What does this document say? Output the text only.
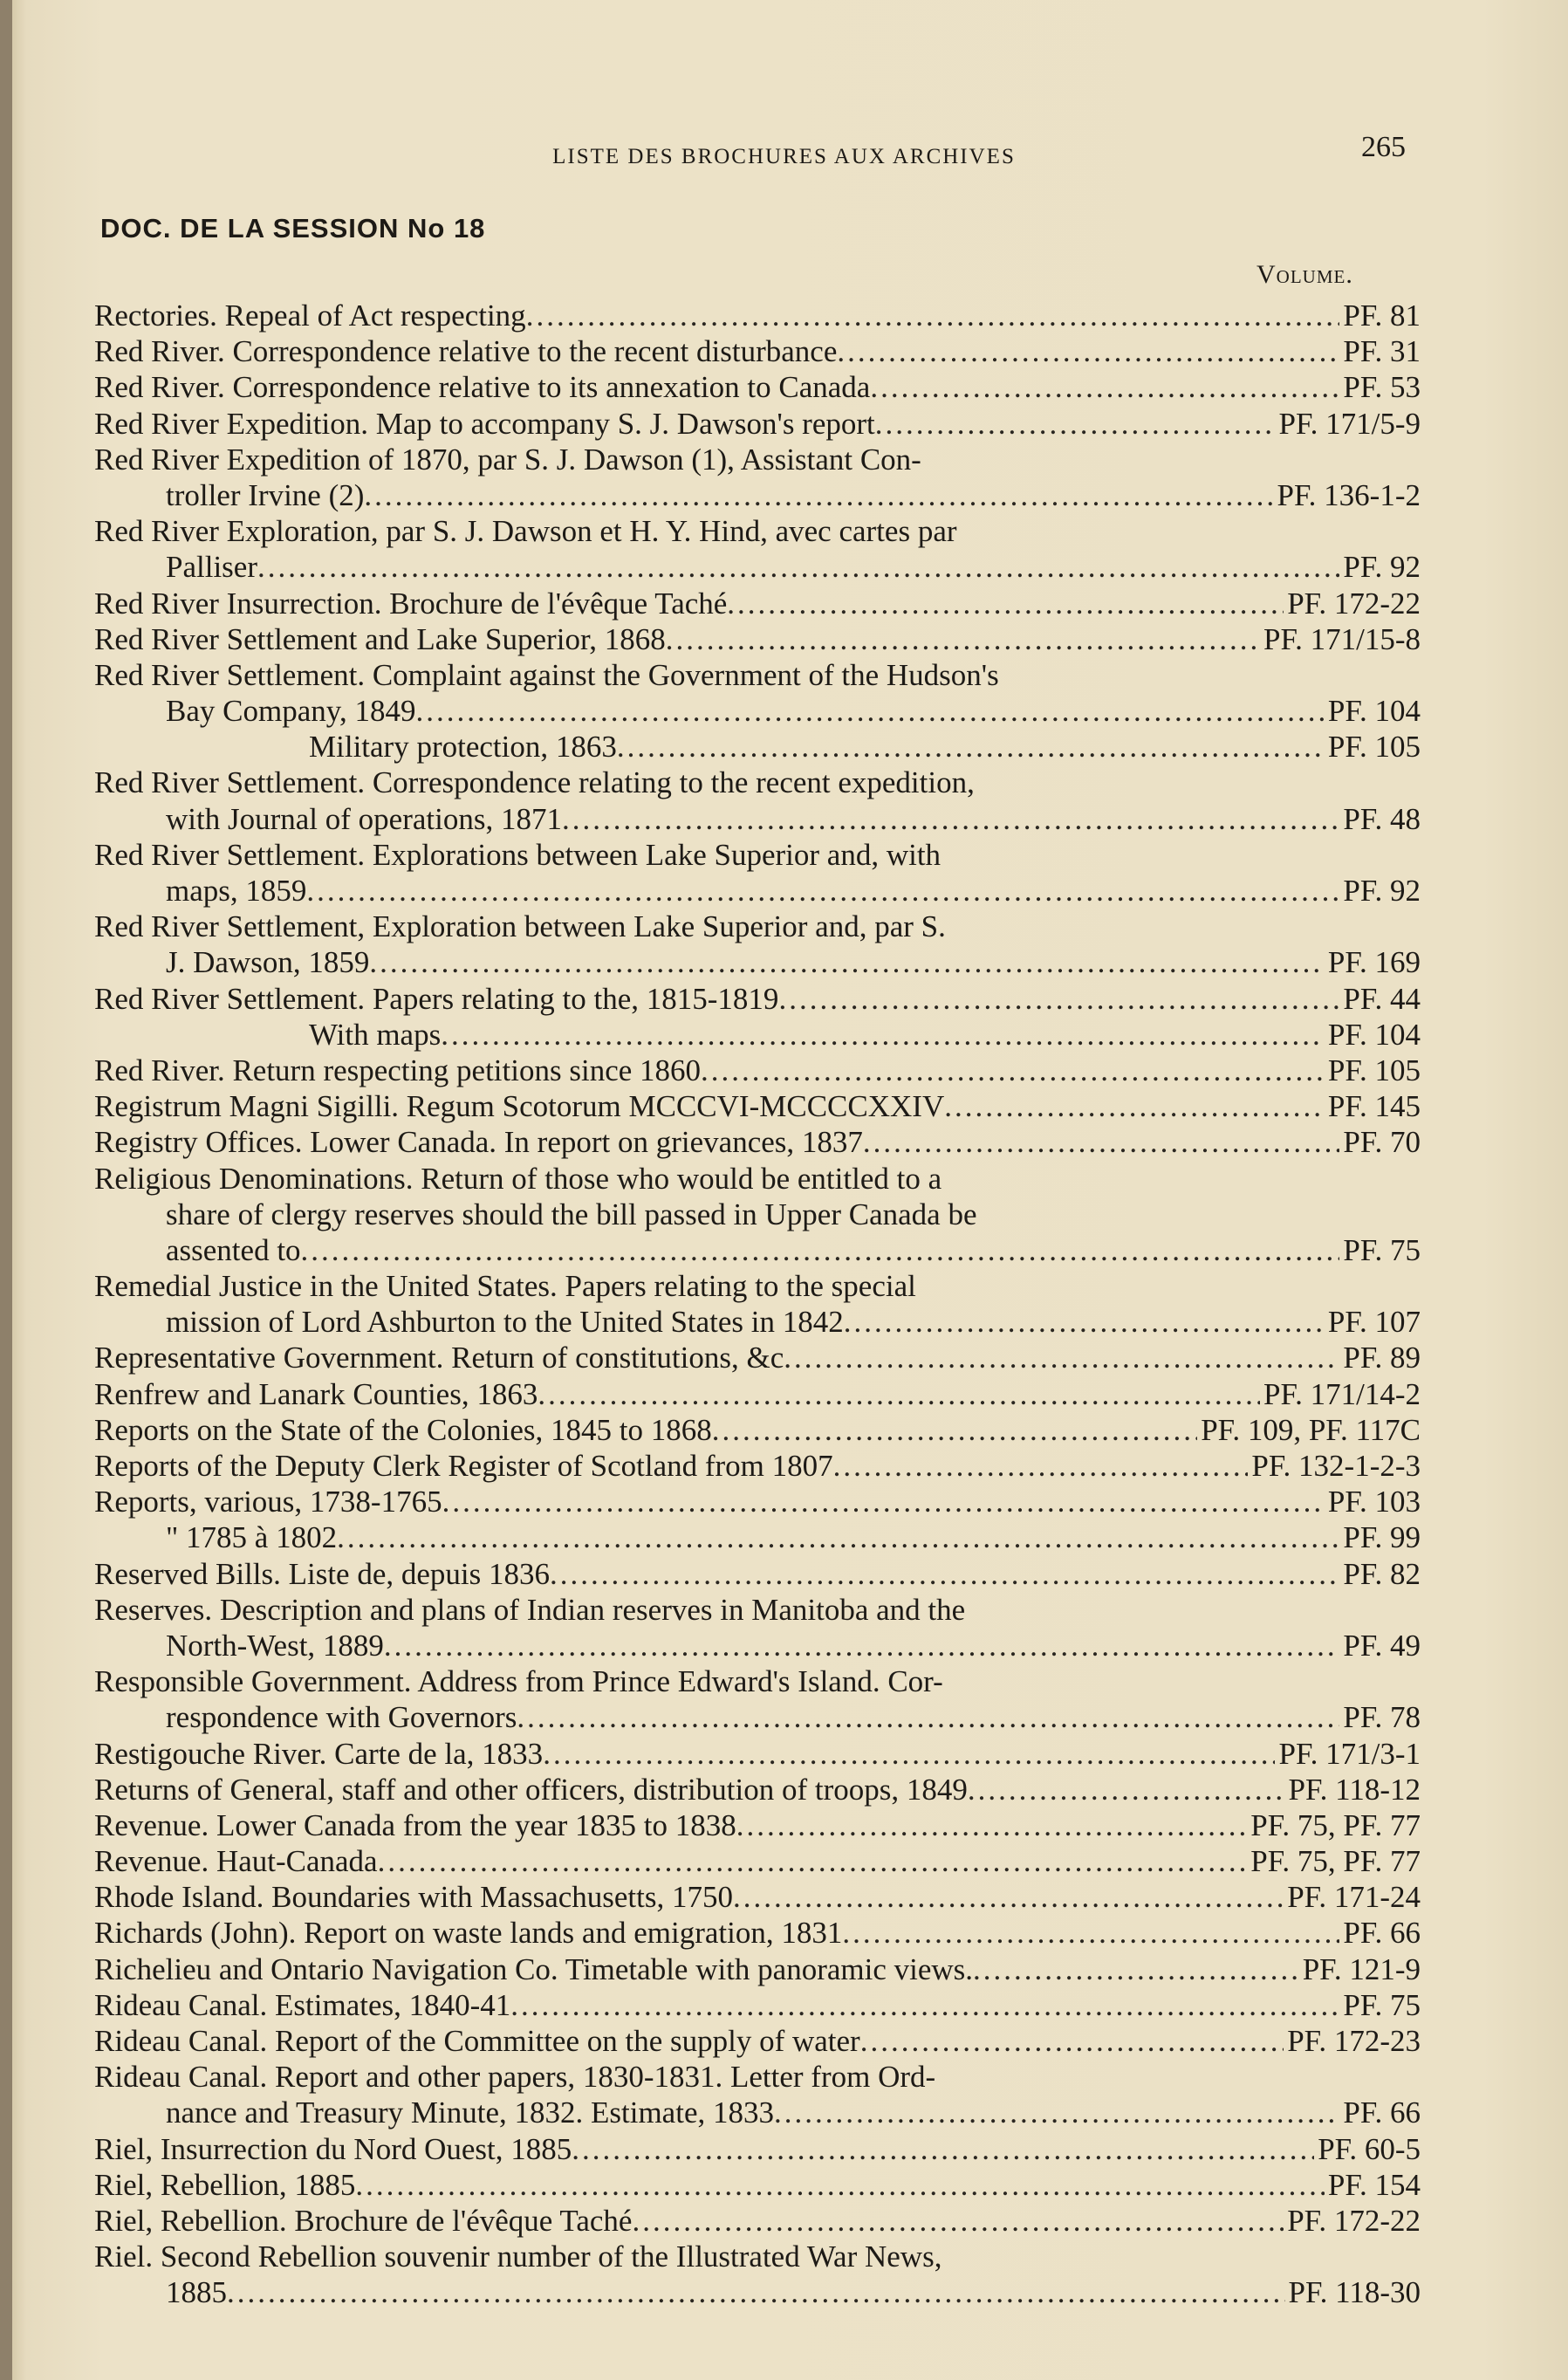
LISTE DES BROCHURES AUX ARCHIVES	265
DOC. DE LA SESSION No 18
Volume.
Rectories. Repeal of Act respecting .....	PF. 81
Red River. Correspondence relative to the recent disturbance .....	PF. 31
Red River. Correspondence relative to its annexation to Canada .....	PF. 53
Red River Expedition. Map to accompany S. J. Dawson's report .....	PF. 171/5-9
Red River Expedition of 1870, par S. J. Dawson (1), Assistant Con-
troller Irvine (2) .....	PF. 136-1-2
Red River Exploration, par S. J. Dawson et H. Y. Hind, avec cartes par
Palliser .....	PF. 92
Red River Insurrection. Brochure de l'évêque Taché .....	PF. 172-22
Red River Settlement and Lake Superior, 1868 .....	PF. 171/15-8
Red River Settlement. Complaint against the Government of the Hudson's
Bay Company, 1849 .....	PF. 104
Military protection, 1863 .....	PF. 105
Red River Settlement. Correspondence relating to the recent expedition,
with Journal of operations, 1871 .....	PF. 48
Red River Settlement. Explorations between Lake Superior and, with
maps, 1859 .....	PF. 92
Red River Settlement, Exploration between Lake Superior and, par S.
J. Dawson, 1859 .....	PF. 169
Red River Settlement. Papers relating to the, 1815-1819 .....	PF. 44
With maps .....	PF. 104
Red River. Return respecting petitions since 1860 .....	PF. 105
Registrum Magni Sigilli. Regum Scotorum MCCCVI-MCCCCXXIV .....	PF. 145
Registry Offices. Lower Canada. In report on grievances, 1837 .....	PF. 70
Religious Denominations. Return of those who would be entitled to a
share of clergy reserves should the bill passed in Upper Canada be
assented to .....	PF. 75
Remedial Justice in the United States. Papers relating to the special
mission of Lord Ashburton to the United States in 1842 .....	PF. 107
Representative Government. Return of constitutions, &c .....	PF. 89
Renfrew and Lanark Counties, 1863 .....	PF. 171/14-2
Reports on the State of the Colonies, 1845 to 1868 .....	PF. 109, PF. 117C
Reports of the Deputy Clerk Register of Scotland from 1807 .....	PF. 132-1-2-3
Reports, various, 1738-1765 .....	PF. 103
" 1785 à 1802 .....	PF. 99
Reserved Bills. Liste de, depuis 1836 .....	PF. 82
Reserves. Description and plans of Indian reserves in Manitoba and the
North-West, 1889 .....	PF. 49
Responsible Government. Address from Prince Edward's Island. Cor-
respondence with Governors .....	PF. 78
Restigouche River. Carte de la, 1833 .....	PF. 171/3-1
Returns of General, staff and other officers, distribution of troops, 1849 .....	PF. 118-12
Revenue. Lower Canada from the year 1835 to 1838 .....	PF. 75, PF. 77
Revenue. Haut-Canada .....	PF. 75, PF. 77
Rhode Island. Boundaries with Massachusetts, 1750 .....	PF. 171-24
Richards (John). Report on waste lands and emigration, 1831 .....	PF. 66
Richelieu and Ontario Navigation Co. Timetable with panoramic views. .....	PF. 121-9
Rideau Canal. Estimates, 1840-41 .....	PF. 75
Rideau Canal. Report of the Committee on the supply of water .....	PF. 172-23
Rideau Canal. Report and other papers, 1830-1831. Letter from Ord-
nance and Treasury Minute, 1832. Estimate, 1833 .....	PF. 66
Riel, Insurrection du Nord Ouest, 1885 .....	PF. 60-5
Riel, Rebellion, 1885 .....	PF. 154
Riel, Rebellion. Brochure de l'évêque Taché .....	PF. 172-22
Riel. Second Rebellion souvenir number of the Illustrated War News,
1885 .....	PF. 118-30
